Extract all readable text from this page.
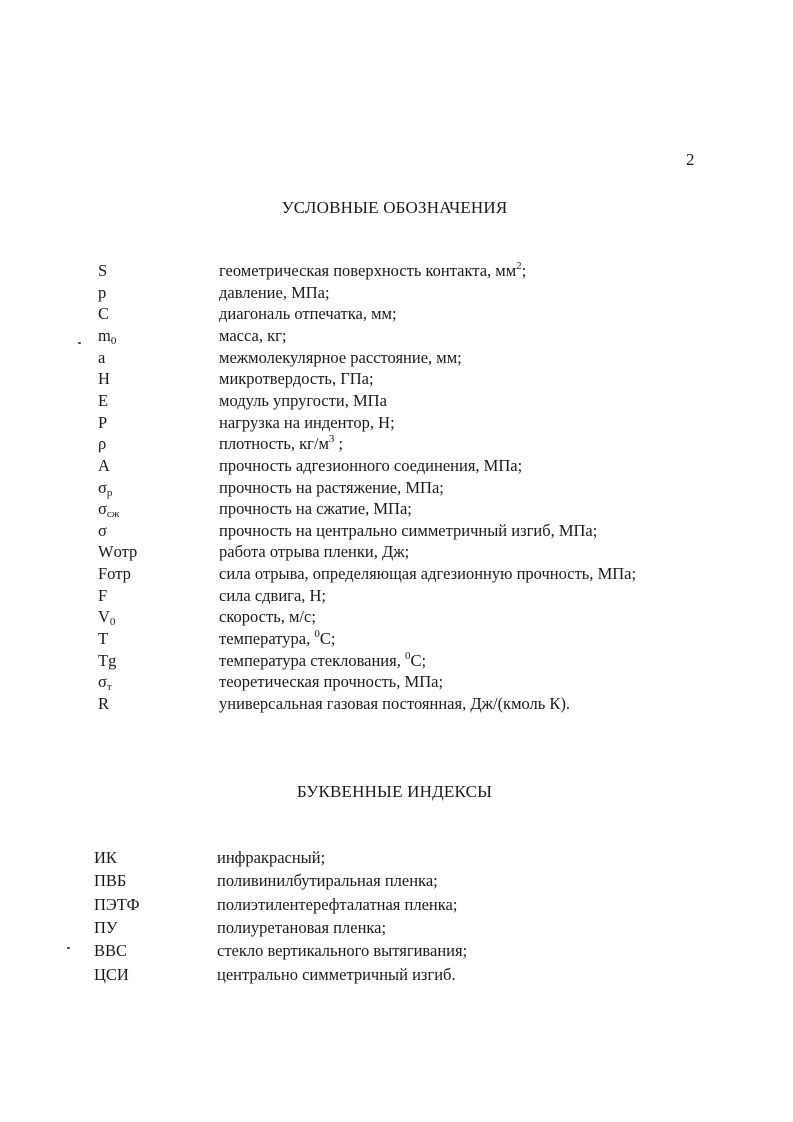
2
УСЛОВНЫЕ ОБОЗНАЧЕНИЯ
S	геометрическая поверхность контакта, $мм^2$;
p	давление, МПа;
C	диагональ отпечатка, мм;
$m_0$	масса, кг;
a	межмолекулярное расстояние, мм;
H	микротвердость, ГПа;
E	модуль упругости, МПа
P	нагрузка на индентор, Н;
ρ	плотность, $кг/м^3$ ;
A	прочность адгезионного соединения, МПа;
$\sigma_p$	прочность на растяжение, МПа;
$\sigma_{сж}$	прочность на сжатие, МПа;
σ	прочность на центрально симметричный изгиб, МПа;
Wотр	работа отрыва пленки, Дж;
Fотр	сила отрыва, определяющая адгезионную прочность, МПа;
F	сила сдвига, Н;
$V_0$	скорость, м/с;
T	температура, $^0$С;
Tg	температура стеклования, $^0$С;
$\sigma_т$	теоретическая прочность, МПа;
R	универсальная газовая постоянная, Дж/(кмоль К).
БУКВЕННЫЕ ИНДЕКСЫ
ИК	инфракрасный;
ПВБ	поливинилбутиральная пленка;
ПЭТФ	полиэтилентерефталатная пленка;
ПУ	полиуретановая пленка;
ВВС	стекло вертикального вытягивания;
ЦСИ	центрально симметричный изгиб.
